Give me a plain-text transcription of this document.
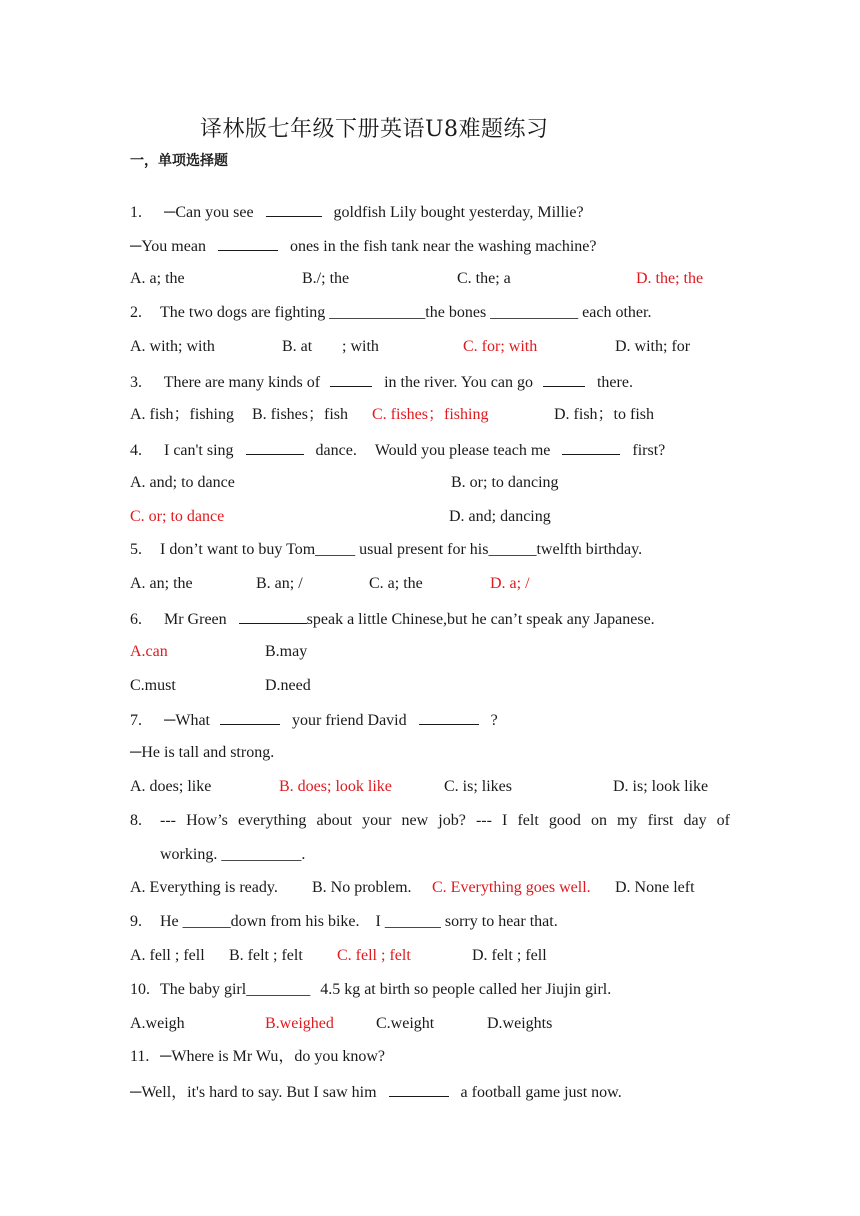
译林版七年级下册英语U8难题练习
一，单项选择题
1. ─Can you see	goldfish Lily bought yesterday, Millie?
─You mean	ones in the fish tank near the washing machine?
A. a; the	B./; the	C. the; a	D. the; the
2. The two dogs are fighting ____________the bones ___________ each other.
A. with; with	B. at ; with	C. for; with	D. with; for
3. There are many kinds of	in the river. You can go	there.
A. fish；fishing B. fishes；fish C. fishes；fishing	D. fish；to fish
4. I can't sing	dance. Would you please teach me	first?
A. and; to dance	B. or; to dancing
C. or; to dance	D. and; dancing
5. I don’t want to buy Tom_____ usual present for his______twelfth birthday.
A. an; the	B. an; /	C. a; the	D. a; /
6. Mr Green	speak a little Chinese,but he can’t speak any Japanese.
A.can	B.may
C.must	D.need
7. ─What	your friend David	?
─He is tall and strong.
A. does; like	B. does; look like	C. is; likes	D. is; look like
8. --- How’s everything about your new job? --- I felt good on my first day of
working. __________.
A. Everything is ready. B. No problem. C. Everything goes well. D. None left
9. He ______down from his bike.　I _______ sorry to hear that.
A. fell ; fell B. felt ; felt C. fell ; felt	D. felt ; fell
10. The baby girl________ 4.5 kg at birth so people called her Jiujin girl.
A.weigh	B.weighed	C.weight	D.weights
11. ─Where is Mr Wu，do you know?
─Well，it's hard to say. But I saw him	a football game just now.
